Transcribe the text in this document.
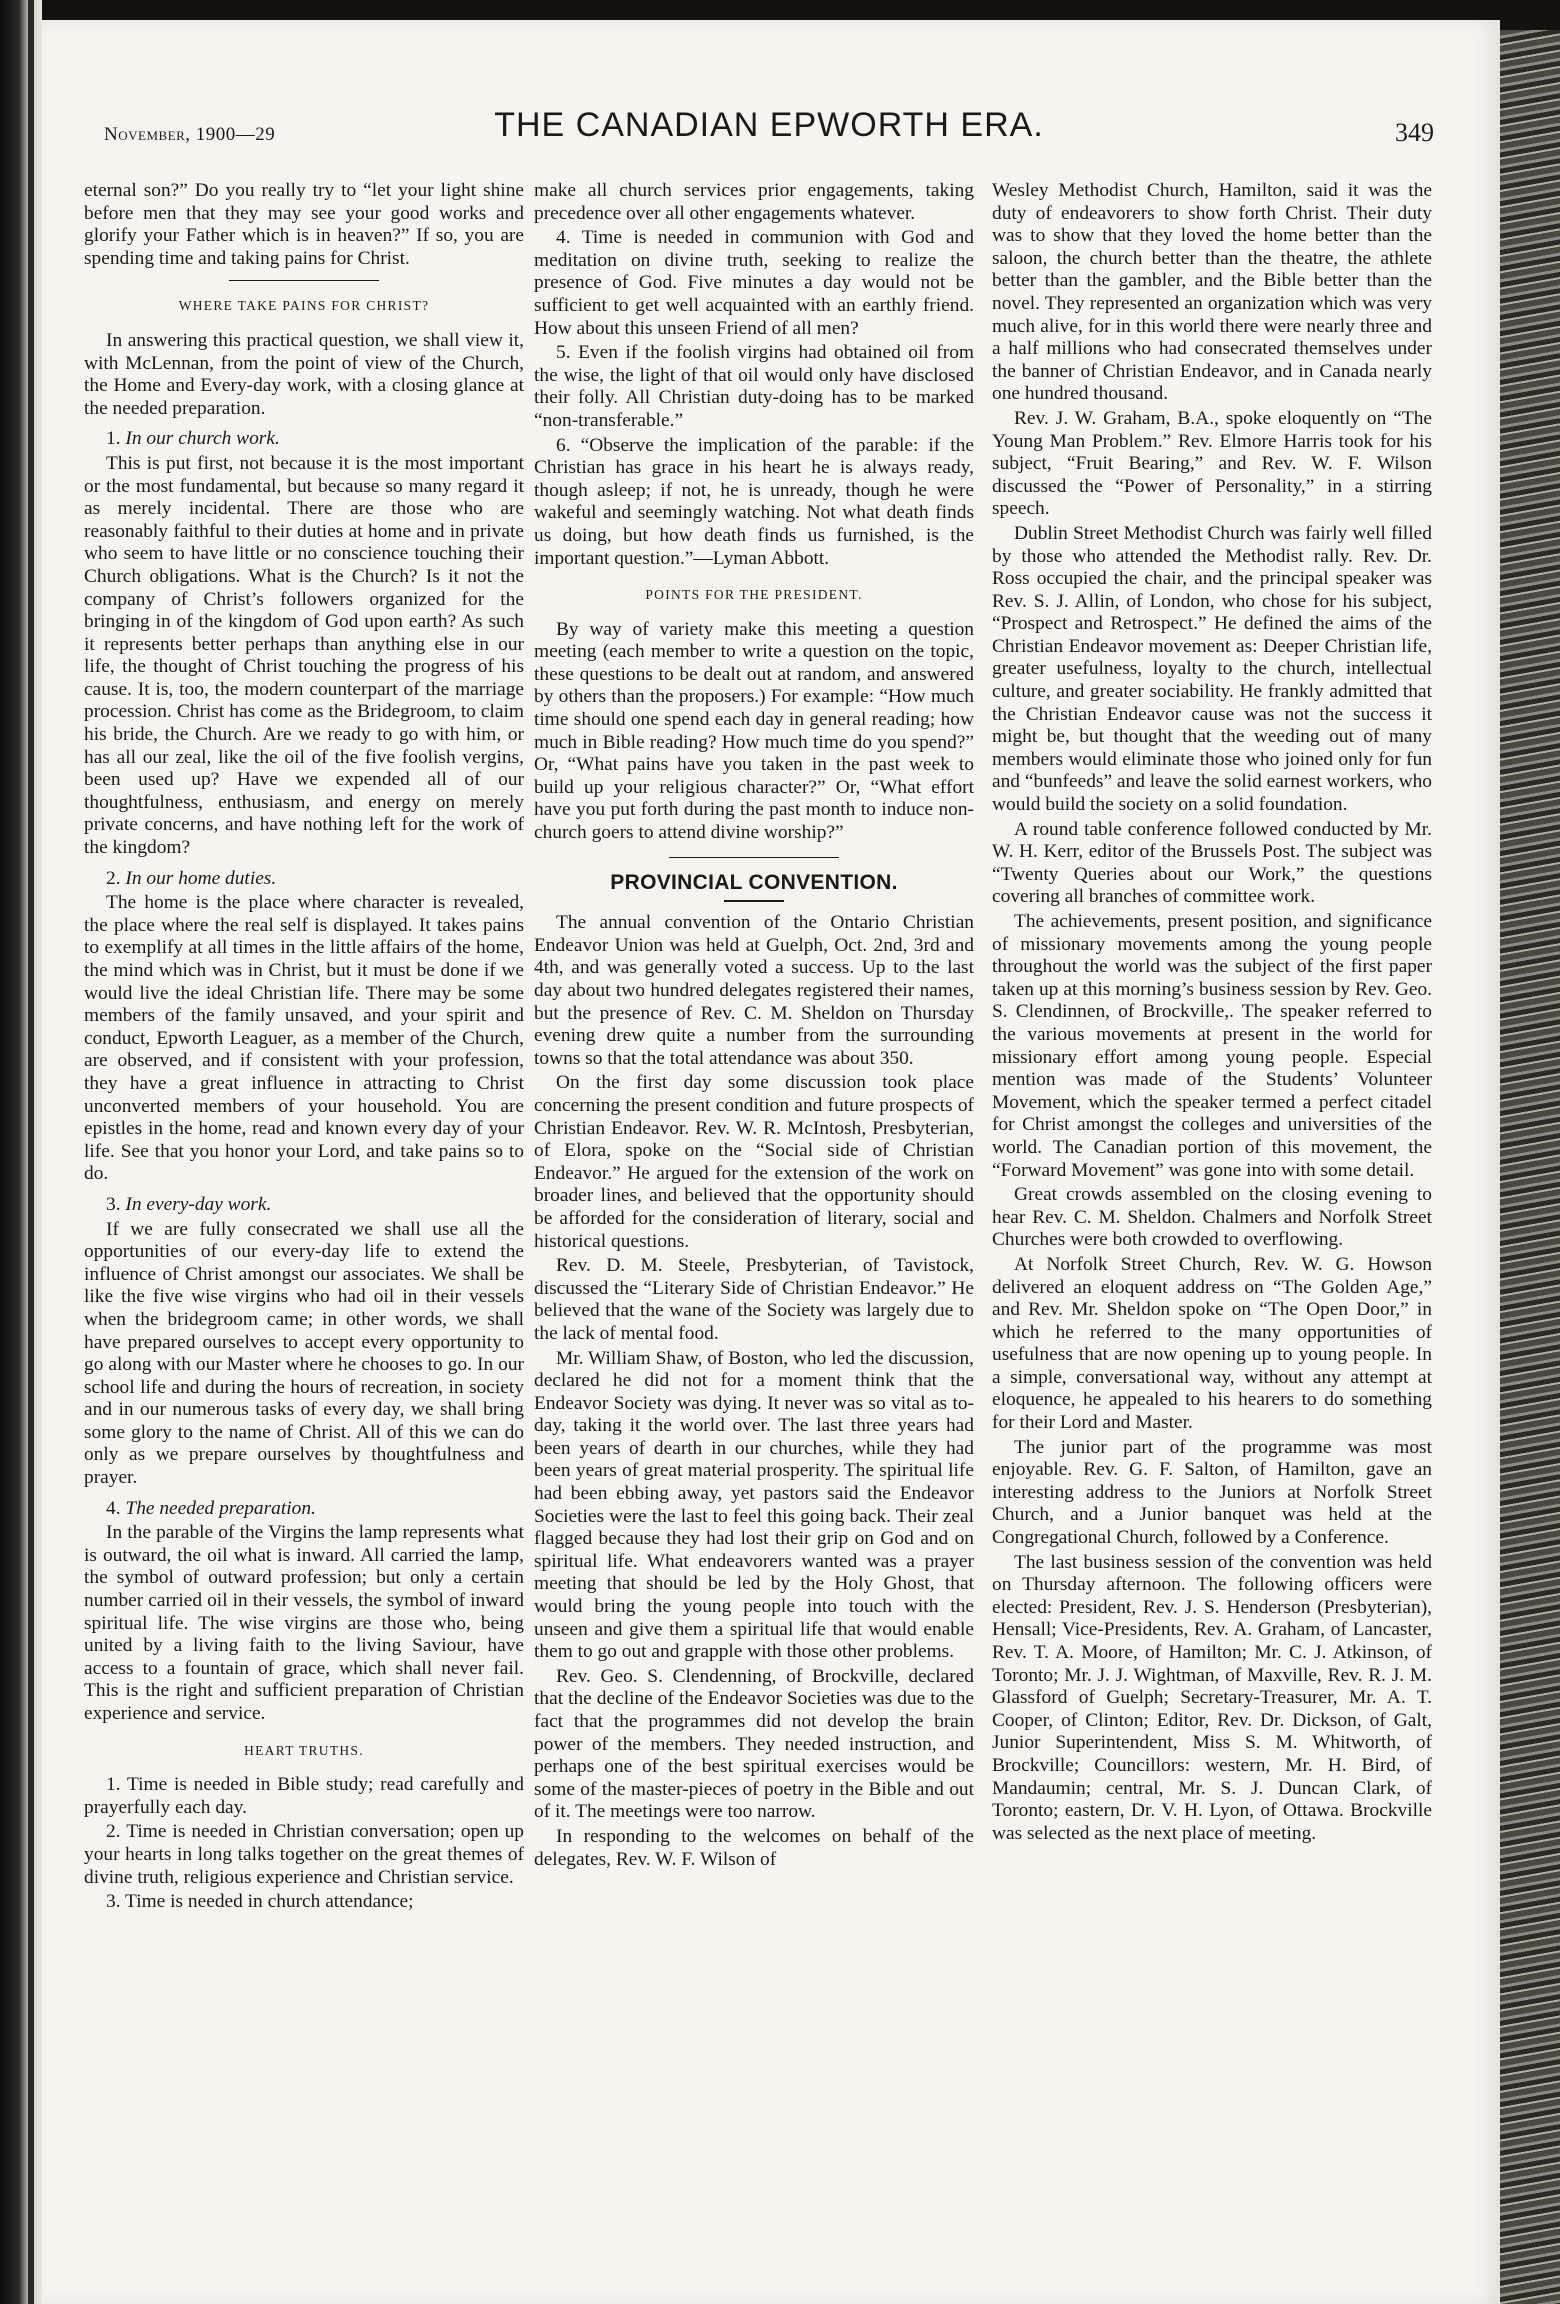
November, 1900—29	THE CANADIAN EPWORTH ERA.	349

eternal son?” Do you really try to “let your light shine before men that they may see your good works and glorify your Father which is in heaven?” If so, you are spending time and taking pains for Christ.

WHERE TAKE PAINS FOR CHRIST?

In answering this practical question, we shall view it, with McLennan, from the point of view of the Church, the Home and Every-day work, with a closing glance at the needed preparation.

1. In our church work.

This is put first, not because it is the most important or the most fundamental, but because so many regard it as merely incidental. There are those who are reasonably faithful to their duties at home and in private who seem to have little or no conscience touching their Church obligations. What is the Church? Is it not the company of Christ’s followers organized for the bringing in of the kingdom of God upon earth? As such it represents better perhaps than anything else in our life, the thought of Christ touching the progress of his cause. It is, too, the modern counterpart of the marriage procession. Christ has come as the Bridegroom, to claim his bride, the Church. Are we ready to go with him, or has all our zeal, like the oil of the five foolish vergins, been used up? Have we expended all of our thoughtfulness, enthusiasm, and energy on merely private concerns, and have nothing left for the work of the kingdom?

2. In our home duties.

The home is the place where character is revealed, the place where the real self is displayed. It takes pains to exemplify at all times in the little affairs of the home, the mind which was in Christ, but it must be done if we would live the ideal Christian life. There may be some members of the family unsaved, and your spirit and conduct, Epworth Leaguer, as a member of the Church, are observed, and if consistent with your profession, they have a great influence in attracting to Christ unconverted members of your household. You are epistles in the home, read and known every day of your life. See that you honor your Lord, and take pains so to do.

3. In every-day work.

If we are fully consecrated we shall use all the opportunities of our every-day life to extend the influence of Christ amongst our associates. We shall be like the five wise virgins who had oil in their vessels when the bridegroom came; in other words, we shall have prepared ourselves to accept every opportunity to go along with our Master where he chooses to go. In our school life and during the hours of recreation, in society and in our numerous tasks of every day, we shall bring some glory to the name of Christ. All of this we can do only as we prepare ourselves by thoughtfulness and prayer.

4. The needed preparation.

In the parable of the Virgins the lamp represents what is outward, the oil what is inward. All carried the lamp, the symbol of outward profession; but only a certain number carried oil in their vessels, the symbol of inward spiritual life. The wise virgins are those who, being united by a living faith to the living Saviour, have access to a fountain of grace, which shall never fail. This is the right and sufficient preparation of Christian experience and service.

HEART TRUTHS.

1. Time is needed in Bible study; read carefully and prayerfully each day.

2. Time is needed in Christian conversation; open up your hearts in long talks together on the great themes of divine truth, religious experience and Christian service.

3. Time is needed in church attendance;

make all church services prior engagements, taking precedence over all other engagements whatever.

4. Time is needed in communion with God and meditation on divine truth, seeking to realize the presence of God. Five minutes a day would not be sufficient to get well acquainted with an earthly friend. How about this unseen Friend of all men?

5. Even if the foolish virgins had obtained oil from the wise, the light of that oil would only have disclosed their folly. All Christian duty-doing has to be marked “non-transferable.”

6. “Observe the implication of the parable: if the Christian has grace in his heart he is always ready, though asleep; if not, he is unready, though he were wakeful and seemingly watching. Not what death finds us doing, but how death finds us furnished, is the important question.”—Lyman Abbott.

POINTS FOR THE PRESIDENT.

By way of variety make this meeting a question meeting (each member to write a question on the topic, these questions to be dealt out at random, and answered by others than the proposers.) For example: “How much time should one spend each day in general reading; how much in Bible reading? How much time do you spend?” Or, “What pains have you taken in the past week to build up your religious character?” Or, “What effort have you put forth during the past month to induce non-church goers to attend divine worship?”

PROVINCIAL CONVENTION.

The annual convention of the Ontario Christian Endeavor Union was held at Guelph, Oct. 2nd, 3rd and 4th, and was generally voted a success. Up to the last day about two hundred delegates registered their names, but the presence of Rev. C. M. Sheldon on Thursday evening drew quite a number from the surrounding towns so that the total attendance was about 350.

On the first day some discussion took place concerning the present condition and future prospects of Christian Endeavor. Rev. W. R. McIntosh, Presbyterian, of Elora, spoke on the “Social side of Christian Endeavor.” He argued for the extension of the work on broader lines, and believed that the opportunity should be afforded for the consideration of literary, social and historical questions.

Rev. D. M. Steele, Presbyterian, of Tavistock, discussed the “Literary Side of Christian Endeavor.” He believed that the wane of the Society was largely due to the lack of mental food.

Mr. William Shaw, of Boston, who led the discussion, declared he did not for a moment think that the Endeavor Society was dying. It never was so vital as to-day, taking it the world over. The last three years had been years of dearth in our churches, while they had been years of great material prosperity. The spiritual life had been ebbing away, yet pastors said the Endeavor Societies were the last to feel this going back. Their zeal flagged because they had lost their grip on God and on spiritual life. What endeavorers wanted was a prayer meeting that should be led by the Holy Ghost, that would bring the young people into touch with the unseen and give them a spiritual life that would enable them to go out and grapple with those other problems.

Rev. Geo. S. Clendenning, of Brockville, declared that the decline of the Endeavor Societies was due to the fact that the programmes did not develop the brain power of the members. They needed instruction, and perhaps one of the best spiritual exercises would be some of the master-pieces of poetry in the Bible and out of it. The meetings were too narrow.

In responding to the welcomes on behalf of the delegates, Rev. W. F. Wilson of

Wesley Methodist Church, Hamilton, said it was the duty of endeavorers to show forth Christ. Their duty was to show that they loved the home better than the saloon, the church better than the theatre, the athlete better than the gambler, and the Bible better than the novel. They represented an organization which was very much alive, for in this world there were nearly three and a half millions who had consecrated themselves under the banner of Christian Endeavor, and in Canada nearly one hundred thousand.

Rev. J. W. Graham, B.A., spoke eloquently on “The Young Man Problem.” Rev. Elmore Harris took for his subject, “Fruit Bearing,” and Rev. W. F. Wilson discussed the “Power of Personality,” in a stirring speech.

Dublin Street Methodist Church was fairly well filled by those who attended the Methodist rally. Rev. Dr. Ross occupied the chair, and the principal speaker was Rev. S. J. Allin, of London, who chose for his subject, “Prospect and Retrospect.” He defined the aims of the Christian Endeavor movement as: Deeper Christian life, greater usefulness, loyalty to the church, intellectual culture, and greater sociability. He frankly admitted that the Christian Endeavor cause was not the success it might be, but thought that the weeding out of many members would eliminate those who joined only for fun and “bunfeeds” and leave the solid earnest workers, who would build the society on a solid foundation.

A round table conference followed conducted by Mr. W. H. Kerr, editor of the Brussels Post. The subject was “Twenty Queries about our Work,” the questions covering all branches of committee work.

The achievements, present position, and significance of missionary movements among the young people throughout the world was the subject of the first paper taken up at this morning’s business session by Rev. Geo. S. Clendinnen, of Brockville,. The speaker referred to the various movements at present in the world for missionary effort among young people. Especial mention was made of the Students’ Volunteer Movement, which the speaker termed a perfect citadel for Christ amongst the colleges and universities of the world. The Canadian portion of this movement, the “Forward Movement” was gone into with some detail.

Great crowds assembled on the closing evening to hear Rev. C. M. Sheldon. Chalmers and Norfolk Street Churches were both crowded to overflowing.

At Norfolk Street Church, Rev. W. G. Howson delivered an eloquent address on “The Golden Age,” and Rev. Mr. Sheldon spoke on “The Open Door,” in which he referred to the many opportunities of usefulness that are now opening up to young people. In a simple, conversational way, without any attempt at eloquence, he appealed to his hearers to do something for their Lord and Master.

The junior part of the programme was most enjoyable. Rev. G. F. Salton, of Hamilton, gave an interesting address to the Juniors at Norfolk Street Church, and a Junior banquet was held at the Congregational Church, followed by a Conference.

The last business session of the convention was held on Thursday afternoon. The following officers were elected: President, Rev. J. S. Henderson (Presbyterian), Hensall; Vice-Presidents, Rev. A. Graham, of Lancaster, Rev. T. A. Moore, of Hamilton; Mr. C. J. Atkinson, of Toronto; Mr. J. J. Wightman, of Maxville, Rev. R. J. M. Glassford of Guelph; Secretary-Treasurer, Mr. A. T. Cooper, of Clinton; Editor, Rev. Dr. Dickson, of Galt, Junior Superintendent, Miss S. M. Whitworth, of Brockville; Councillors: western, Mr. H. Bird, of Mandaumin; central, Mr. S. J. Duncan Clark, of Toronto; eastern, Dr. V. H. Lyon, of Ottawa. Brockville was selected as the next place of meeting.
